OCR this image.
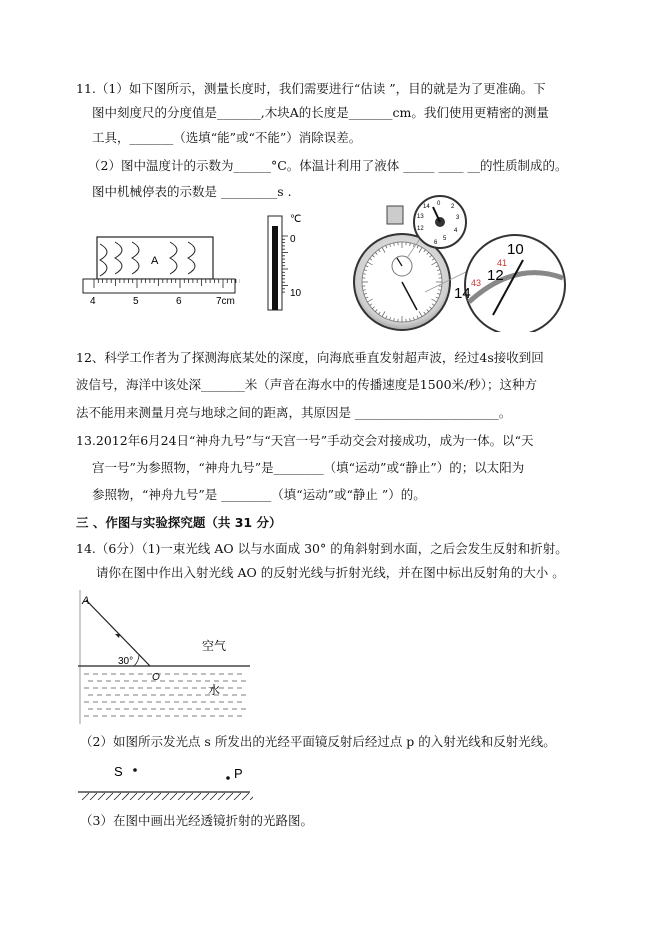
11.（1）如下图所示，测量长度时，我们需要进行“估读 ”，目的就是为了更准确。下
图中刻度尺的分度值是_______,木块A的长度是_______cm。我们使用更精密的测量
工具，_______（选填“能”或“不能”）消除误差。
（2）图中温度计的示数为______°C。体温计利用了液体 _____ ____ __的性质制成的。
图中机械停表的示数是 _________s .
A
4	5	6	7cm
℃
0
10
0
14
13
12
2
3
4
5
6	10
12
14
41
43
12、科学工作者为了探测海底某处的深度，向海底垂直发射超声波，经过4s接收到回
波信号，海洋中该处深_______米（声音在海水中的传播速度是1500米/秒）；这种方
法不能用来测量月亮与地球之间的距离，其原因是 _______________________。
13.2012年6月24日“神舟九号”与“天宫一号”手动交会对接成功，成为一体。以“天
宫一号”为参照物，“神舟九号”是________（填“运动”或“静止”）的；以太阳为
参照物，“神舟九号”是 ________（填“运动”或“静止 ”）的。
三 、作图与实验探究题（共 31 分）
14.（6分）（1)一束光线 AO 以与水面成 30° 的角斜射到水面，之后会发生反射和折射。
请你在图中作出入射光线 AO 的反射光线与折射光线，并在图中标出反射角的大小 。
A
30°
O
空气
水
（2）如图所示发光点 s 所发出的光经平面镜反射后经过点 p 的入射光线和反射光线。
S	P
（3）在图中画出光经透镜折射的光路图。
